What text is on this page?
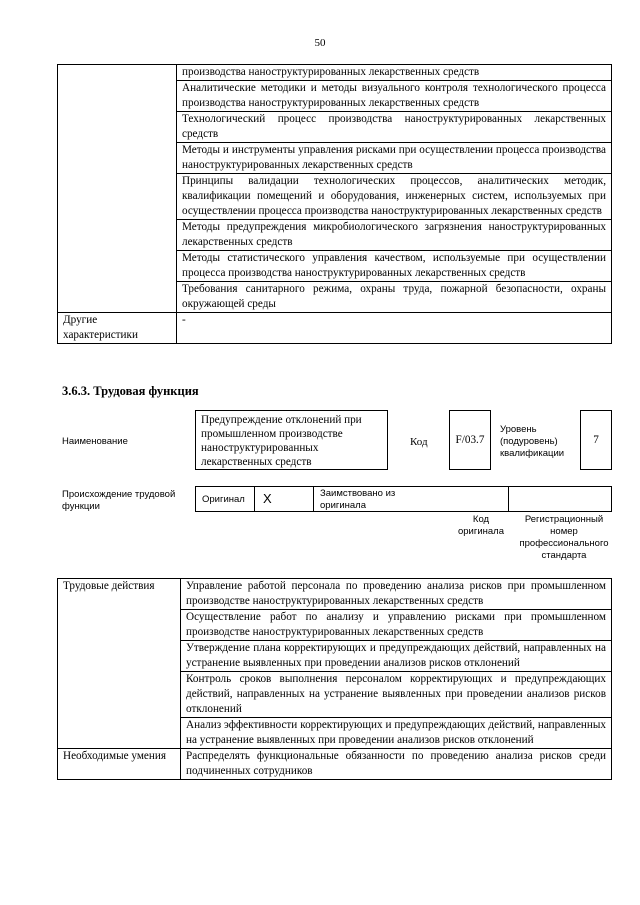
50
	производства наноструктурированных лекарственных средств
	Аналитические методики и методы визуального контроля технологического процесса производства наноструктурированных лекарственных средств
	Технологический процесс производства наноструктурированных лекарственных средств
	Методы и инструменты управления рисками при осуществлении процесса производства наноструктурированных лекарственных средств
	Принципы валидации технологических процессов, аналитических методик, квалификации помещений и оборудования, инженерных систем, используемых при осуществлении процесса производства наноструктурированных лекарственных средств
	Методы предупреждения микробиологического загрязнения наноструктурированных лекарственных средств
	Методы статистического управления качеством, используемые при осуществлении процесса производства наноструктурированных лекарственных средств
	Требования санитарного режима, охраны труда, пожарной безопасности, охраны окружающей среды
Другие характеристики	-
3.6.3. Трудовая функция
Наименование
Предупреждение отклонений при промышленном производстве наноструктурированных лекарственных средств
Код	F/03.7
Уровень (подуровень) квалификации
7
Происхождение трудовой функции
Оригинал X	Заимствовано из оригинала
Код оригинала
Регистрационный номер профессионального стандарта
Трудовые действия	Управление работой персонала по проведению анализа рисков при промышленном производстве наноструктурированных лекарственных средств
	Осуществление работ по анализу и управлению рисками при промышленном производстве наноструктурированных лекарственных средств
	Утверждение плана корректирующих и предупреждающих действий, направленных на устранение выявленных при проведении анализов рисков отклонений
	Контроль сроков выполнения персоналом корректирующих и предупреждающих действий, направленных на устранение выявленных при проведении анализов рисков отклонений
	Анализ эффективности корректирующих и предупреждающих действий, направленных на устранение выявленных при проведении анализов рисков отклонений
Необходимые умения	Распределять функциональные обязанности по проведению анализа рисков среди подчиненных сотрудников
